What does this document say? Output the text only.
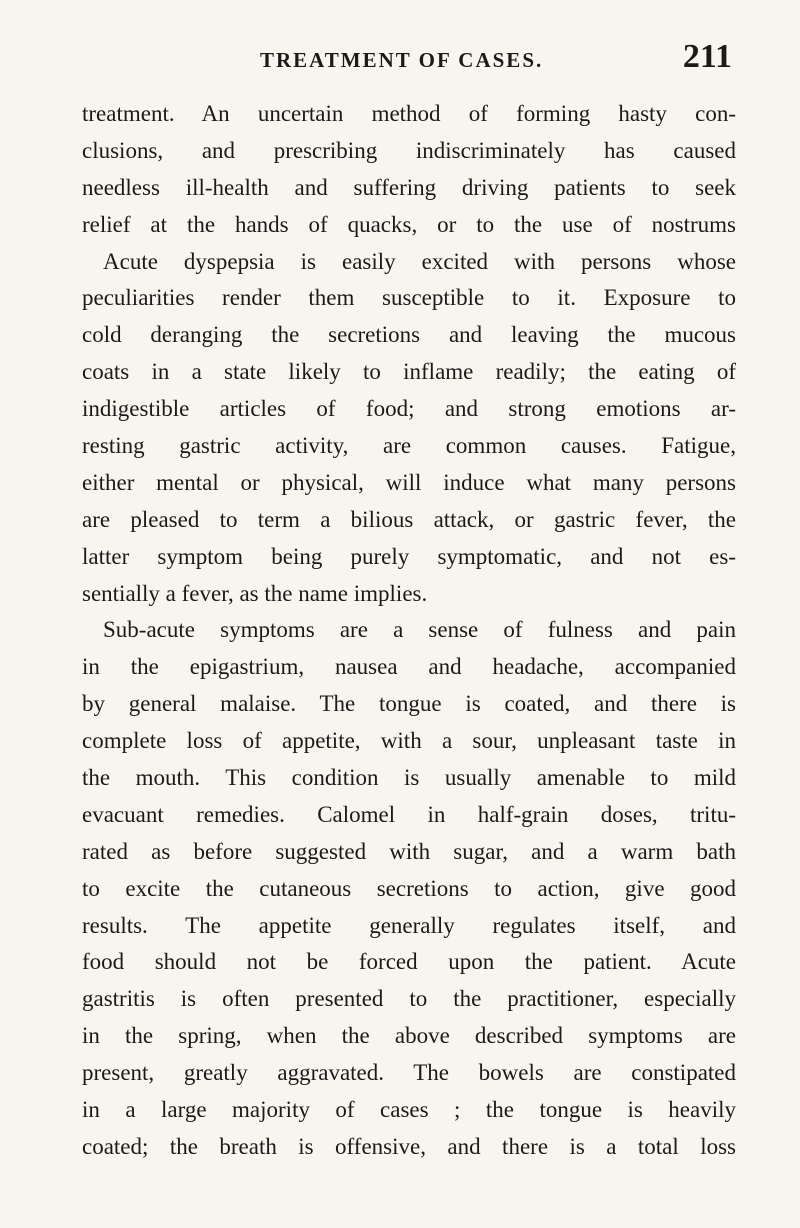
TREATMENT OF CASES.	211
treatment. An uncertain method of forming hasty con-
clusions, and prescribing indiscriminately has caused
needless ill-health and suffering driving patients to seek
relief at the hands of quacks, or to the use of nostrums
Acute dyspepsia is easily excited with persons whose
peculiarities render them susceptible to it. Exposure to
cold deranging the secretions and leaving the mucous
coats in a state likely to inflame readily; the eating of
indigestible articles of food; and strong emotions ar-
resting gastric activity, are common causes. Fatigue,
either mental or physical, will induce what many persons
are pleased to term a bilious attack, or gastric fever, the
latter symptom being purely symptomatic, and not es-
sentially a fever, as the name implies.
Sub-acute symptoms are a sense of fulness and pain
in the epigastrium, nausea and headache, accompanied
by general malaise. The tongue is coated, and there is
complete loss of appetite, with a sour, unpleasant taste in
the mouth. This condition is usually amenable to mild
evacuant remedies. Calomel in half-grain doses, tritu-
rated as before suggested with sugar, and a warm bath
to excite the cutaneous secretions to action, give good
results. The appetite generally regulates itself, and
food should not be forced upon the patient. Acute
gastritis is often presented to the practitioner, especially
in the spring, when the above described symptoms are
present, greatly aggravated. The bowels are constipated
in a large majority of cases ; the tongue is heavily
coated; the breath is offensive, and there is a total loss
